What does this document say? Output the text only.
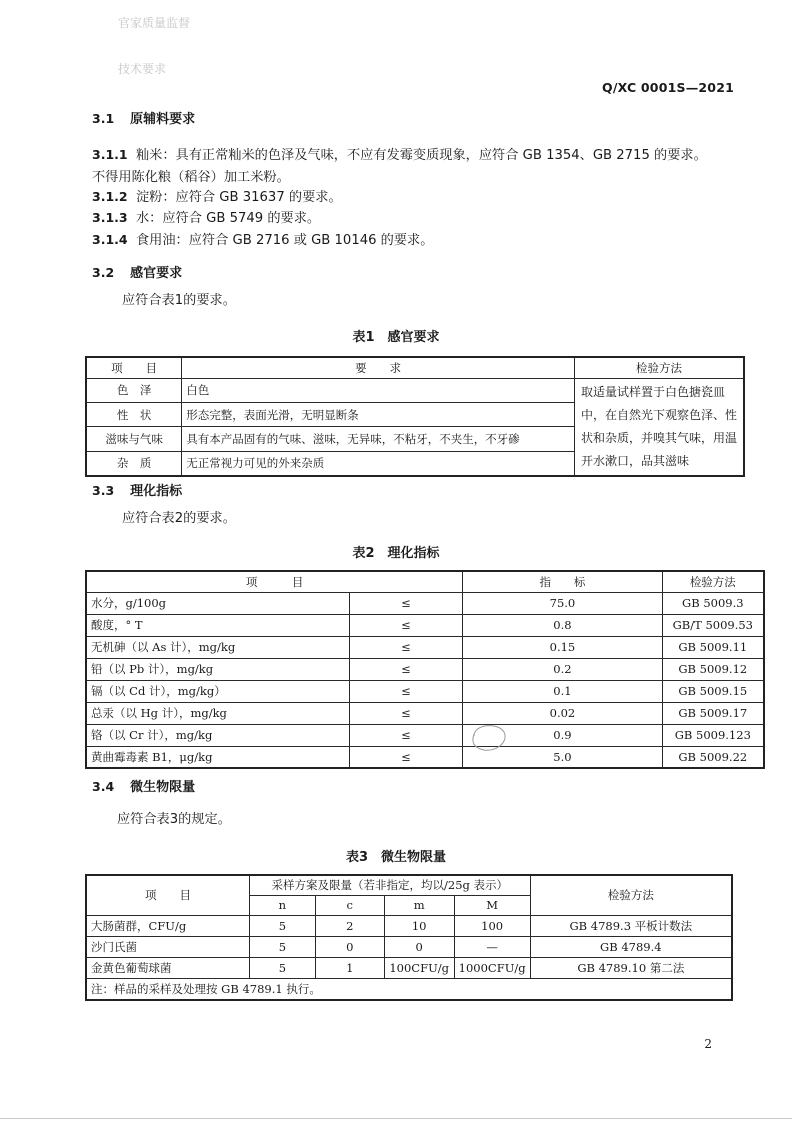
官家质量监督
技术要求
Q/XC 0001S—2021
3.1 原辅料要求
3.1.1 籼米：具有正常籼米的色泽及气味，不应有发霉变质现象，应符合 GB 1354、GB 2715 的要求。
不得用陈化粮（稻谷）加工米粉。
3.1.2 淀粉：应符合 GB 31637 的要求。
3.1.3 水：应符合 GB 5749 的要求。
3.1.4 食用油：应符合 GB 2716 或 GB 10146 的要求。
3.2 感官要求
应符合表1的要求。
表1　感官要求
项　　目	要　　求	检验方法
色　泽	白色	取适量试样置于白色搪瓷皿中，在自然光下观察色泽、性状和杂质，并嗅其气味，用温开水漱口，品其滋味
性　状	形态完整，表面光滑，无明显断条	
滋味与气味	具有本产品固有的气味、滋味，无异味，不粘牙，不夹生，不牙碜	
杂　质	无正常视力可见的外来杂质	
3.3 理化指标
应符合表2的要求。
表2　理化指标
项　　　目		指　　标	检验方法
水分，g/100g	≤	75.0	GB 5009.3
酸度，° T	≤	0.8	GB/T 5009.53
无机砷（以 As 计），mg/kg	≤	0.15	GB 5009.11
铅（以 Pb 计），mg/kg	≤	0.2	GB 5009.12
镉（以 Cd 计），mg/kg）	≤	0.1	GB 5009.15
总汞（以 Hg 计），mg/kg	≤	0.02	GB 5009.17
铬（以 Cr 计），mg/kg	≤	0.9	GB 5009.123
黄曲霉毒素 B1，μg/kg	≤	5.0	GB 5009.22
3.4 微生物限量
应符合表3的规定。
表3　微生物限量
项　　目	采样方案及限量（若非指定，均以/25g 表示）				检验方法
	n	c	m	M	
大肠菌群，CFU/g	5	2	10	100	GB 4789.3 平板计数法
沙门氏菌	5	0	0	—	GB 4789.4
金黄色葡萄球菌	5	1	100CFU/g	1000CFU/g	GB 4789.10 第二法
注：样品的采样及处理按 GB 4789.1 执行。					
2
